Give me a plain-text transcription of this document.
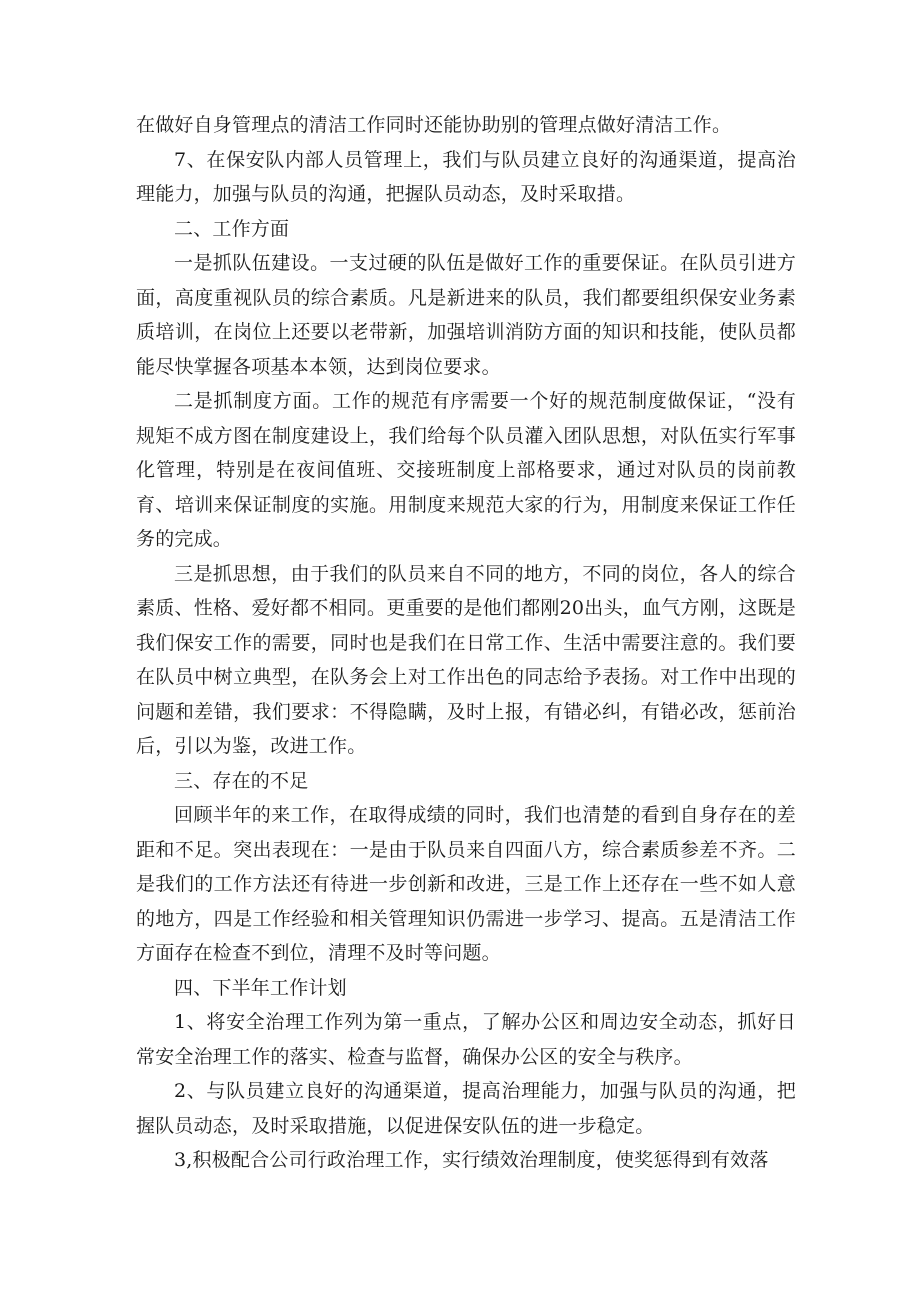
在做好自身管理点的清洁工作同时还能协助别的管理点做好清洁工作。

7、在保安队内部人员管理上，我们与队员建立良好的沟通渠道，提高治理能力，加强与队员的沟通，把握队员动态，及时采取措。

二、工作方面

一是抓队伍建设。一支过硬的队伍是做好工作的重要保证。在队员引进方面，高度重视队员的综合素质。凡是新进来的队员，我们都要组织保安业务素质培训，在岗位上还要以老带新，加强培训消防方面的知识和技能，使队员都能尽快掌握各项基本本领，达到岗位要求。

二是抓制度方面。工作的规范有序需要一个好的规范制度做保证，“没有规矩不成方图在制度建设上，我们给每个队员灌入团队思想，对队伍实行军事化管理，特别是在夜间值班、交接班制度上部格要求，通过对队员的岗前教育、培训来保证制度的实施。用制度来规范大家的行为，用制度来保证工作任务的完成。

三是抓思想，由于我们的队员来自不同的地方，不同的岗位，各人的综合素质、性格、爱好都不相同。更重要的是他们都刚20出头，血气方刚，这既是我们保安工作的需要，同时也是我们在日常工作、生活中需要注意的。我们要在队员中树立典型，在队务会上对工作出色的同志给予表扬。对工作中出现的问题和差错，我们要求：不得隐瞒，及时上报，有错必纠，有错必改，惩前治后，引以为鉴，改进工作。

三、存在的不足

回顾半年的来工作，在取得成绩的同时，我们也清楚的看到自身存在的差距和不足。突出表现在：一是由于队员来自四面八方，综合素质参差不齐。二是我们的工作方法还有待进一步创新和改进，三是工作上还存在一些不如人意的地方，四是工作经验和相关管理知识仍需进一步学习、提高。五是清洁工作方面存在检查不到位，清理不及时等问题。

四、下半年工作计划

1、将安全治理工作列为第一重点，了解办公区和周边安全动态，抓好日常安全治理工作的落实、检查与监督，确保办公区的安全与秩序。

2、与队员建立良好的沟通渠道，提高治理能力，加强与队员的沟通，把握队员动态，及时采取措施，以促进保安队伍的进一步稳定。

3,积极配合公司行政治理工作，实行绩效治理制度，使奖惩得到有效落
